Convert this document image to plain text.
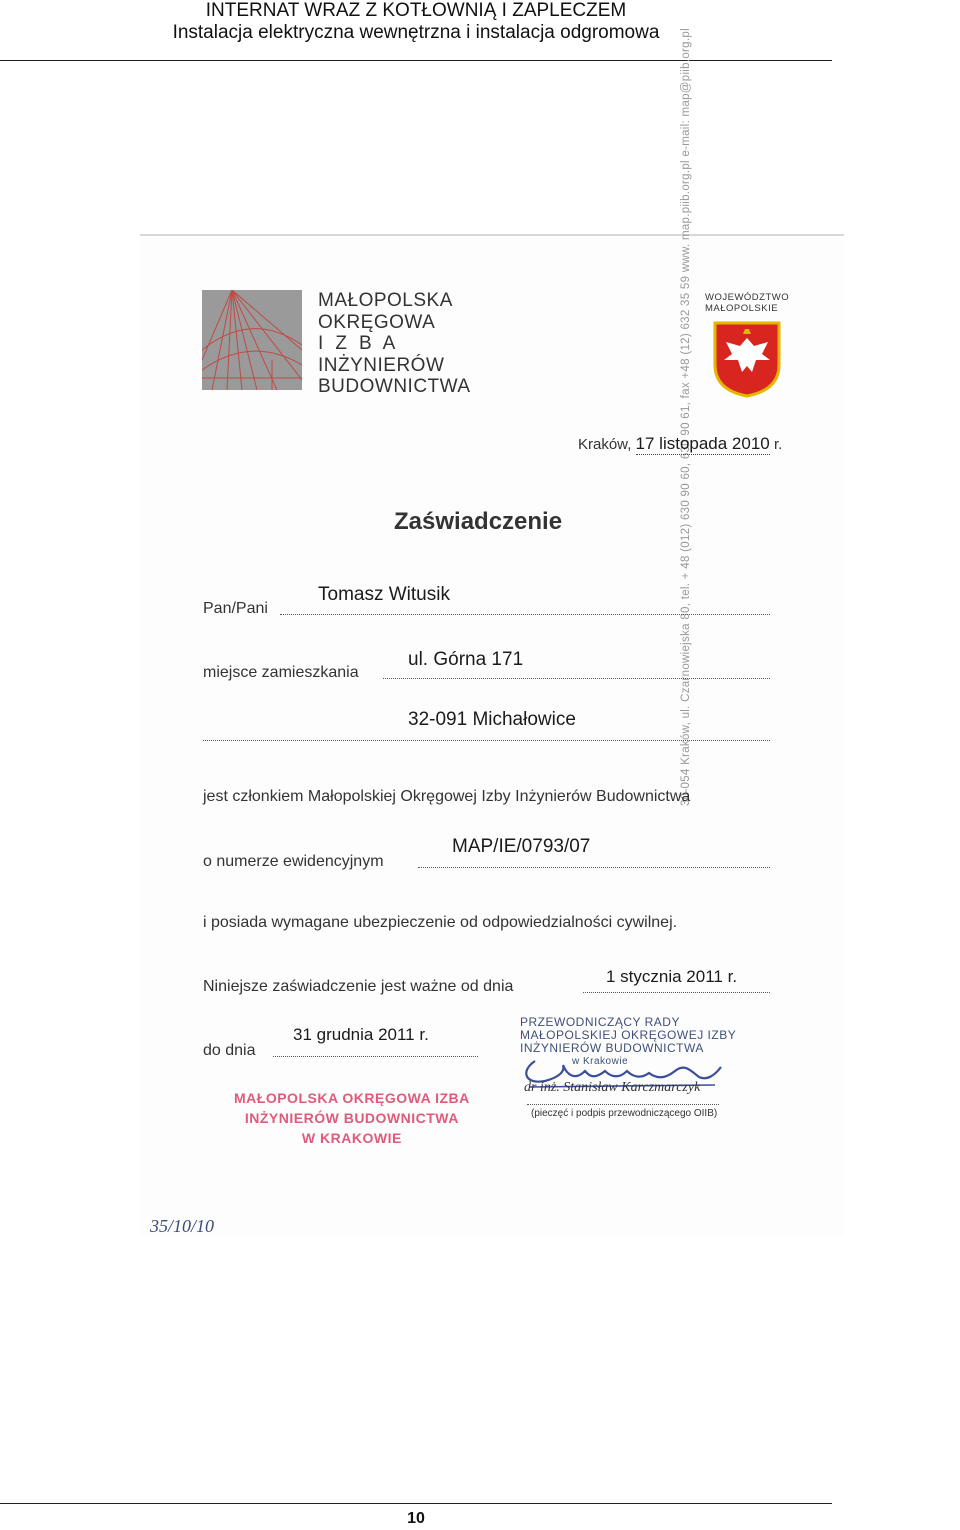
INTERNAT WRAZ Z KOTŁOWNIĄ I ZAPLECZEM
Instalacja elektryczna wewnętrzna i instalacja odgromowa
MAŁOPOLSKA
OKRĘGOWA
I  Z  B  A
INŻYNIERÓW
BUDOWNICTWA
WOJEWÓDZTWO
MAŁOPOLSKIE
30-054 Kraków, ul. Czarnowiejska 80, tel. + 48 (012) 630 90 60, 630 90 61, fax +48 (12) 632 35 59 www. map.piib.org.pl e-mail: map@piib.org.pl
Kraków, 17 listopada 2010 r.
Zaświadczenie
Pan/Pani
Tomasz Witusik
miejsce zamieszkania
ul. Górna 171
32-091 Michałowice
jest członkiem Małopolskiej Okręgowej Izby Inżynierów Budownictwa
o numerze ewidencyjnym
MAP/IE/0793/07
i posiada wymagane ubezpieczenie od odpowiedzialności cywilnej.
Niniejsze zaświadczenie jest ważne od dnia
1 stycznia 2011 r.
do dnia
31 grudnia 2011 r.
MAŁOPOLSKA OKRĘGOWA IZBA
INŻYNIERÓW BUDOWNICTWA
W KRAKOWIE
PRZEWODNICZĄCY RADY
MAŁOPOLSKIEJ OKRĘGOWEJ IZBY
INŻYNIERÓW BUDOWNICTWA
w Krakowie
dr inż. Stanisław Karczmarczyk
(pieczęć i podpis przewodniczącego OIIB)
35/10/10
10
